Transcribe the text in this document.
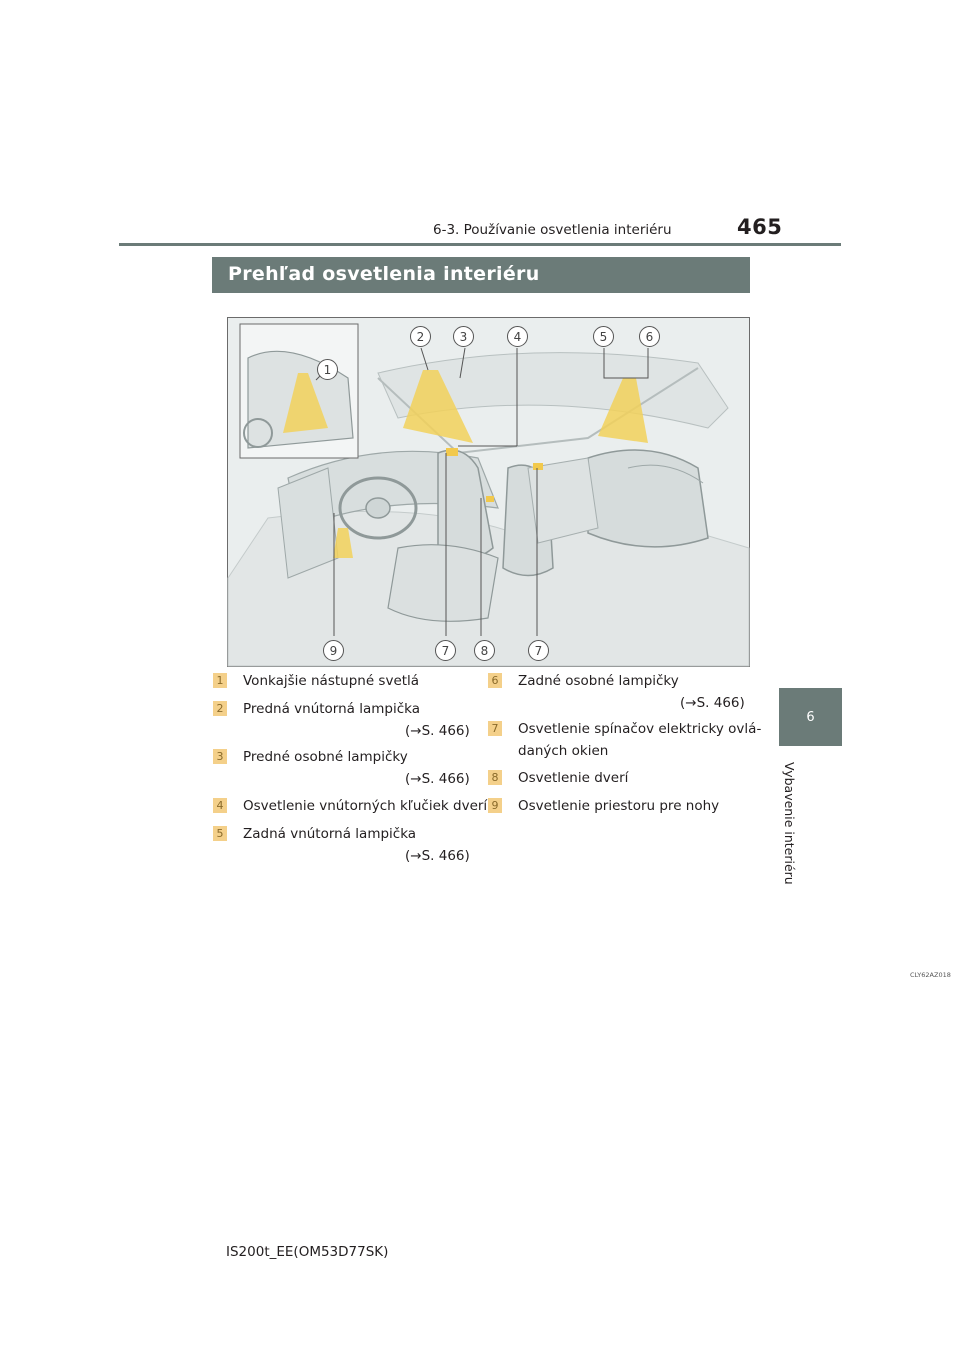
6-3. Používanie osvetlenia interiéru	465
6
Vybavenie interiéru
Prehľad osvetlenia interiéru
CLY62AZ018
1
2	3	4	5	6
7	8
9	7
1 Vonkajšie nástupné svetlá
2 Predná vnútorná lampička
(→S. 466)
3 Predné osobné lampičky
(→S. 466)
4 Osvetlenie vnútorných kľučiek dverí
5 Zadná vnútorná lampička
(→S. 466)
6 Zadné osobné lampičky
(→S. 466)
7 Osvetlenie spínačov elektricky ovlá-
daných okien
8 Osvetlenie dverí
9 Osvetlenie priestoru pre nohy
IS200t_EE(OM53D77SK)
